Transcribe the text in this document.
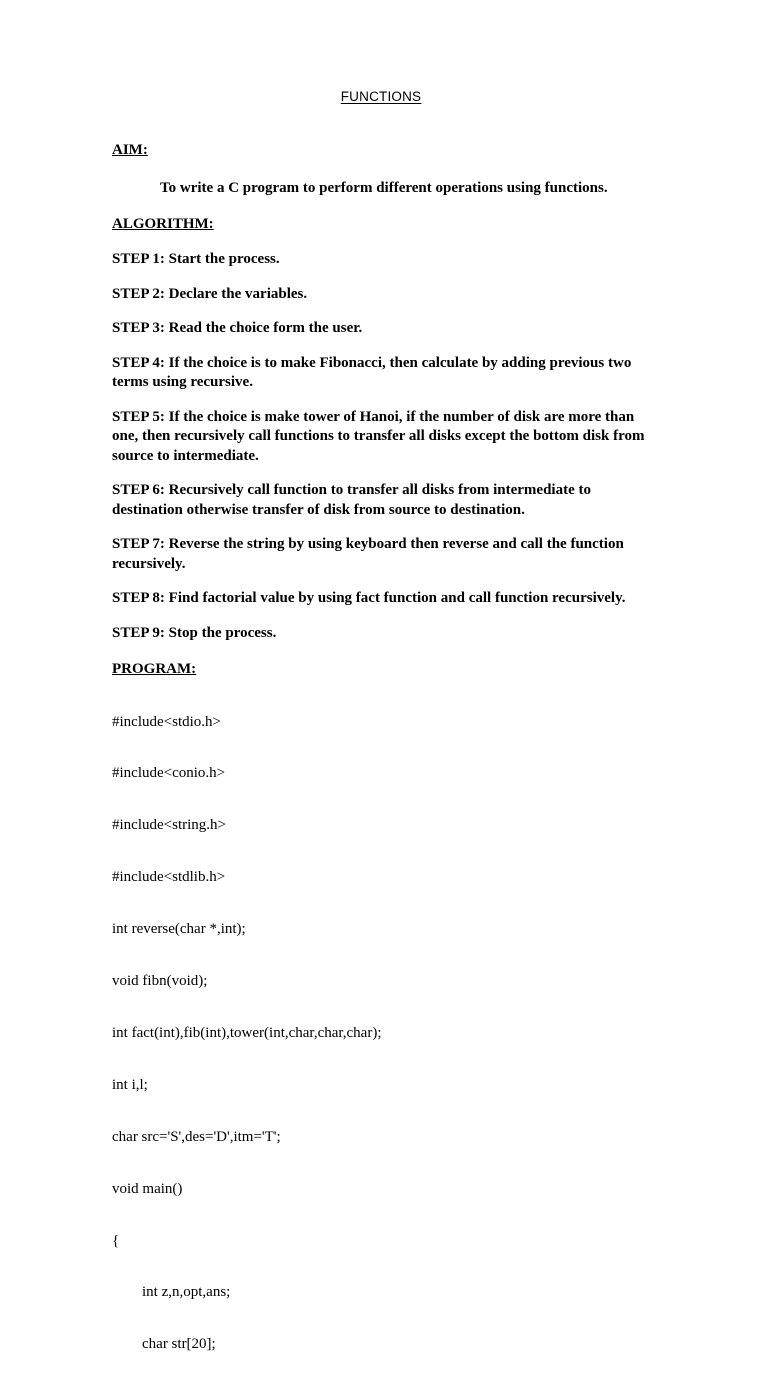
FUNCTIONS
AIM:
To write a C program to perform different operations using functions.
ALGORITHM:
STEP 1: Start the process.
STEP 2: Declare the variables.
STEP 3: Read the choice form the user.
STEP 4: If the choice is to make Fibonacci, then calculate by adding previous two terms using recursive.
STEP 5: If the choice is make tower of Hanoi, if the number of disk are more than one, then recursively call functions to transfer all disks except the bottom disk from source to intermediate.
STEP 6: Recursively call function to transfer all disks from intermediate to destination otherwise transfer of disk from source to destination.
STEP 7: Reverse the string by using keyboard then reverse and call the function recursively.
STEP 8: Find factorial value by using fact function and call function recursively.
STEP 9: Stop the process.
PROGRAM:

#include<stdio.h>

#include<conio.h>

#include<string.h>

#include<stdlib.h>

int reverse(char *,int);

void fibn(void);

int fact(int),fib(int),tower(int,char,char,char);

int i,l;

char src='S',des='D',itm='T';

void main()

{

int z,n,opt,ans;

char str[20];
